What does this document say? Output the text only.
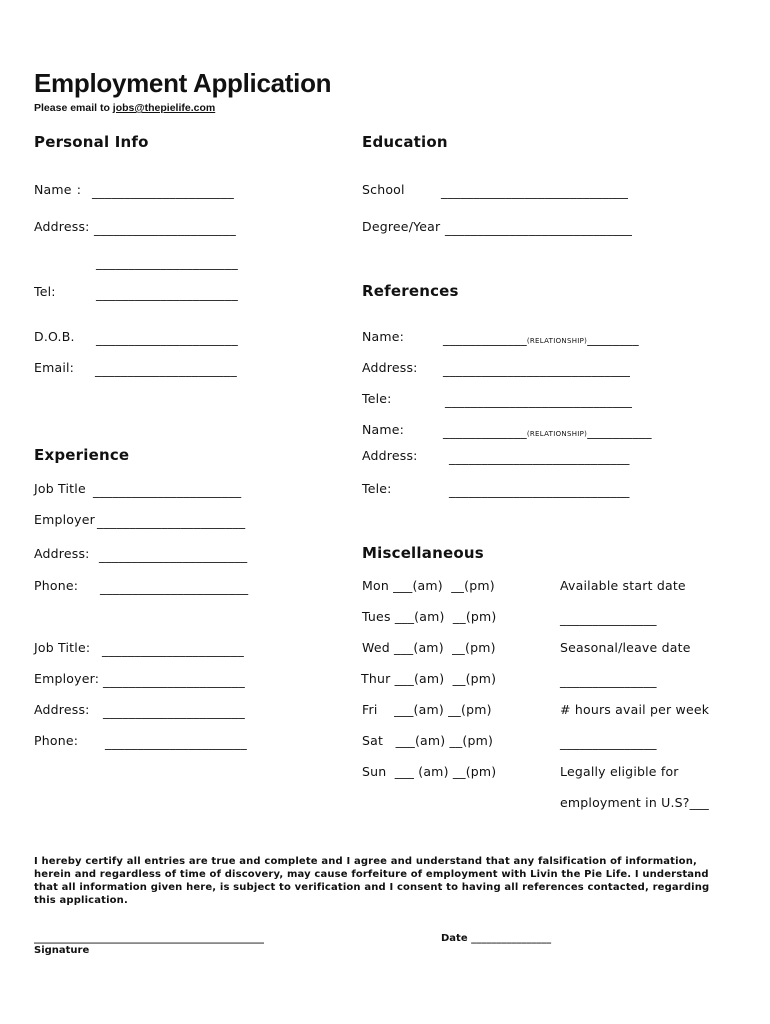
Employment Application
Please email to jobs@thepielife.com
Personal Info
Name : ______________________
Address: ______________________
______________________
Tel:	______________________
D.O.B. ______________________
Email: ______________________
Education
School	_____________________________
Degree/Year _____________________________
References
Name:	_____________(RELATIONSHIP)________
Address: _____________________________
Tele:	_____________________________
Name:	_____________(RELATIONSHIP)__________
Address:	____________________________
Tele:	____________________________
Experience
Job Title _______________________
Employer _______________________
Address: _______________________
Phone: _______________________
Job Title: ______________________
Employer: ______________________
Address: ______________________
Phone: ______________________
Miscellaneous
Mon ___(am)  __(pm)
Tues ___(am)  __(pm)
Wed ___(am)  __(pm)
Thur ___(am)  __(pm)
Fri    ___(am) __(pm)
Sat   ___(am) __(pm)
Sun  ___ (am) __(pm)
Available start date
_______________
Seasonal/leave date
_______________
# hours avail per week
_______________
Legally eligible for
employment in U.S?___
I hereby certify all entries are true and complete and I agree and understand that any falsification of information, herein and regardless of time of discovery, may cause forfeiture of employment with Livin the Pie Life. I understand that all information given here, is subject to verification and I consent to having all references contacted, regarding this application.
______________________________________________
Signature
Date ________________
